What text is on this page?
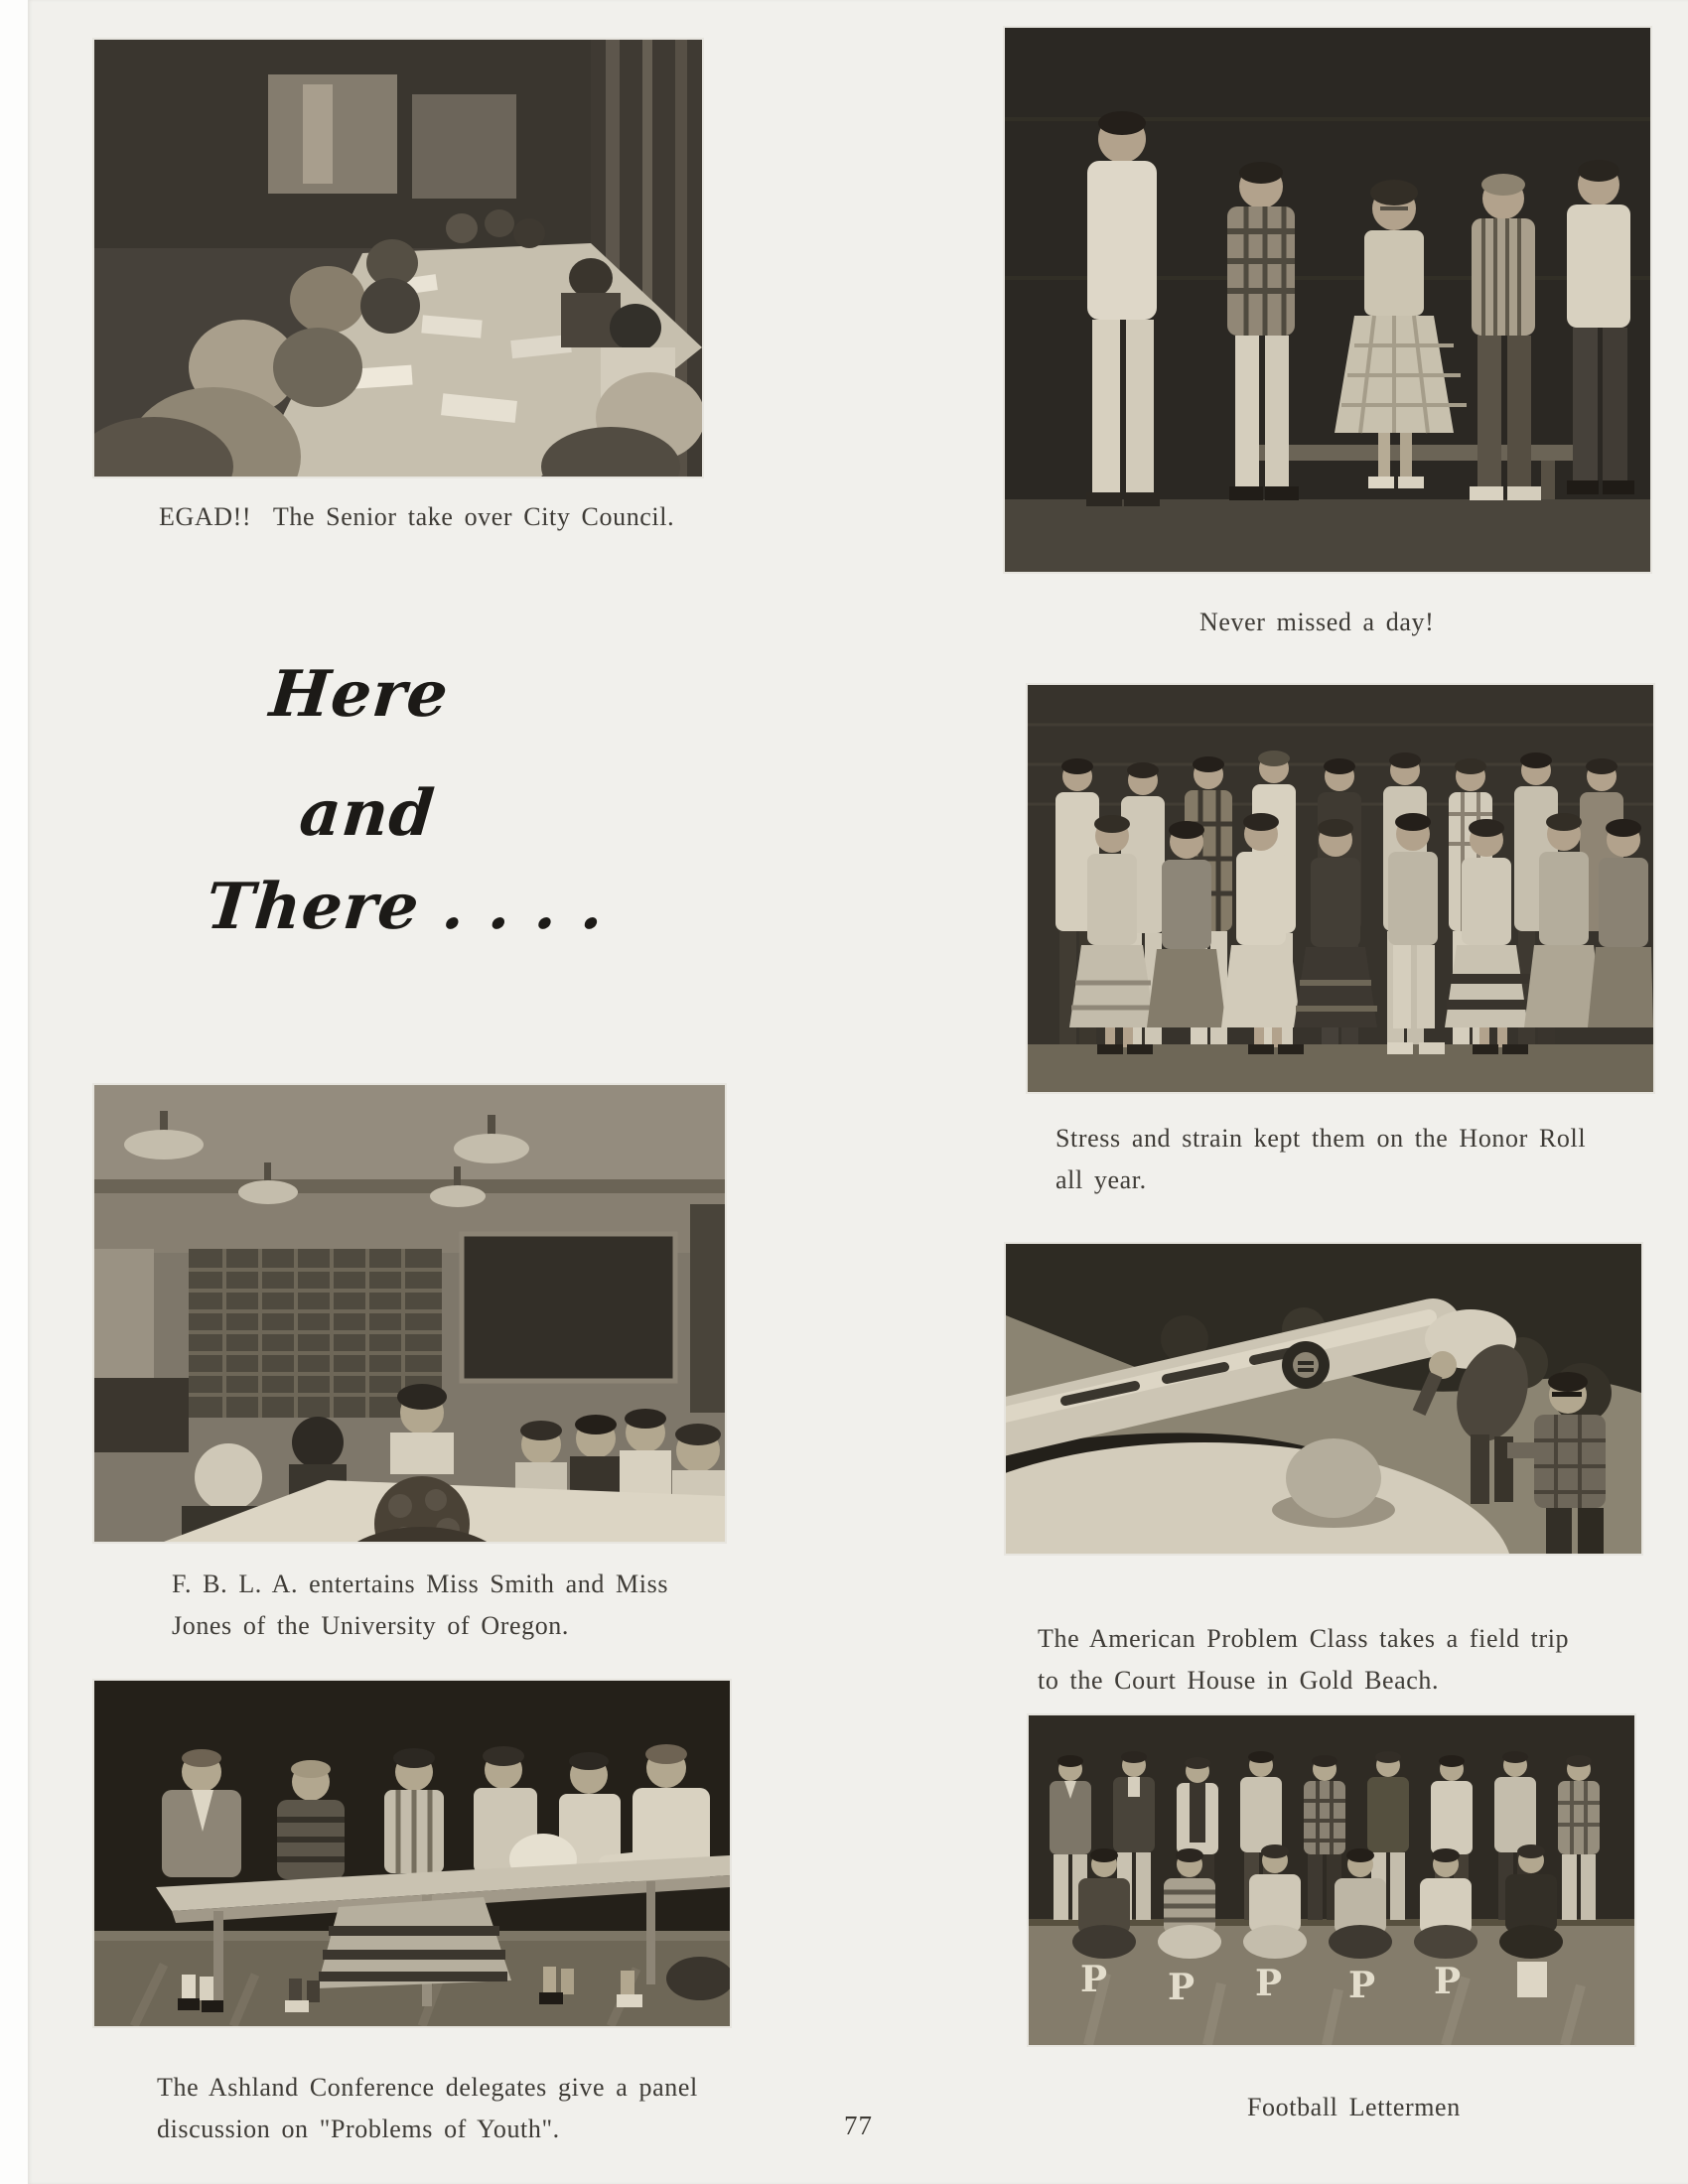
EGAD!!  The Senior take over City Council.
Never missed a day!
Here
and
There . . . .
Stress and strain kept them on the Honor Roll all year.
F. B. L. A. entertains Miss Smith and Miss Jones of the University of Oregon.	The American Problem Class takes a field trip to the Court House in Gold Beach.
The Ashland Conference delegates give a panel discussion on "Problems of Youth".
P P P P P
Football Lettermen
77
